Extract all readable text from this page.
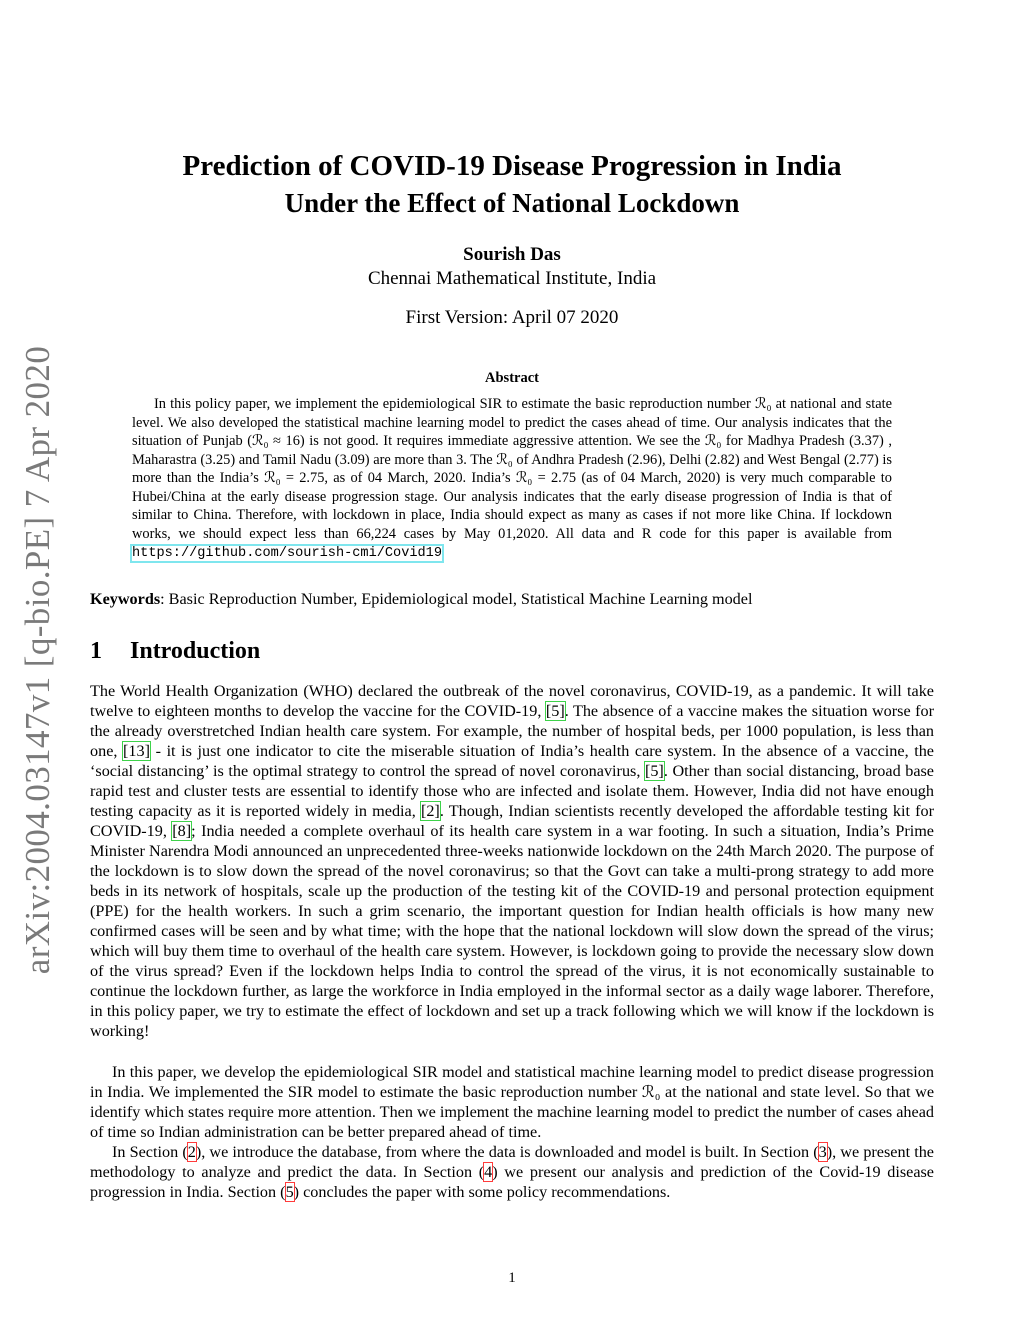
arXiv:2004.03147v1 [q-bio.PE] 7 Apr 2020
Prediction of COVID-19 Disease Progression in India
Under the Effect of National Lockdown
Sourish Das
Chennai Mathematical Institute, India
First Version: April 07 2020
Abstract

In this policy paper, we implement the epidemiological SIR to estimate the basic reproduction number ℛ₀ at national and state level. We also developed the statistical machine learning model to predict the cases ahead of time. Our analysis indicates that the situation of Punjab (ℛ₀ ≈ 16) is not good. It requires immediate aggressive attention. We see the ℛ₀ for Madhya Pradesh (3.37) , Maharastra (3.25) and Tamil Nadu (3.09) are more than 3. The ℛ₀ of Andhra Pradesh (2.96), Delhi (2.82) and West Bengal (2.77) is more than the India’s ℛ₀ = 2.75, as of 04 March, 2020. India’s ℛ₀ = 2.75 (as of 04 March, 2020) is very much comparable to Hubei/China at the early disease progression stage. Our analysis indicates that the early disease progression of India is that of similar to China. Therefore, with lockdown in place, India should expect as many as cases if not more like China. If lockdown works, we should expect less than 66,224 cases by May 01,2020. All data and R code for this paper is available from https://github.com/sourish-cmi/Covid19

Keywords: Basic Reproduction Number, Epidemiological model, Statistical Machine Learning model
1 Introduction

The World Health Organization (WHO) declared the outbreak of the novel coronavirus, COVID-19, as a pandemic. It will take twelve to eighteen months to develop the vaccine for the COVID-19, [5]. The absence of a vaccine makes the situation worse for the already overstretched Indian health care system. For example, the number of hospital beds, per 1000 population, is less than one, [13] - it is just one indicator to cite the miserable situation of India’s health care system. In the absence of a vaccine, the ‘social distancing’ is the optimal strategy to control the spread of novel coronavirus, [5]. Other than social distancing, broad base rapid test and cluster tests are essential to identify those who are infected and isolate them. However, India did not have enough testing capacity as it is reported widely in media, [2]. Though, Indian scientists recently developed the affordable testing kit for COVID-19, [8]; India needed a complete overhaul of its health care system in a war footing. In such a situation, India’s Prime Minister Narendra Modi announced an unprecedented three-weeks nationwide lockdown on the 24th March 2020. The purpose of the lockdown is to slow down the spread of the novel coronavirus; so that the Govt can take a multi-prong strategy to add more beds in its network of hospitals, scale up the production of the testing kit of the COVID-19 and personal protection equipment (PPE) for the health workers. In such a grim scenario, the important question for Indian health officials is how many new confirmed cases will be seen and by what time; with the hope that the national lockdown will slow down the spread of the virus; which will buy them time to overhaul of the health care system. However, is lockdown going to provide the necessary slow down of the virus spread? Even if the lockdown helps India to control the spread of the virus, it is not economically sustainable to continue the lockdown further, as large the workforce in India employed in the informal sector as a daily wage laborer. Therefore, in this policy paper, we try to estimate the effect of lockdown and set up a track following which we will know if the lockdown is working!

In this paper, we develop the epidemiological SIR model and statistical machine learning model to predict disease progression in India. We implemented the SIR model to estimate the basic reproduction number ℛ₀ at the national and state level. So that we identify which states require more attention. Then we implement the machine learning model to predict the number of cases ahead of time so Indian administration can be better prepared ahead of time.

In Section (2), we introduce the database, from where the data is downloaded and model is built. In Section (3), we present the methodology to analyze and predict the data. In Section (4) we present our analysis and prediction of the Covid-19 disease progression in India. Section (5) concludes the paper with some policy recommendations.

1
